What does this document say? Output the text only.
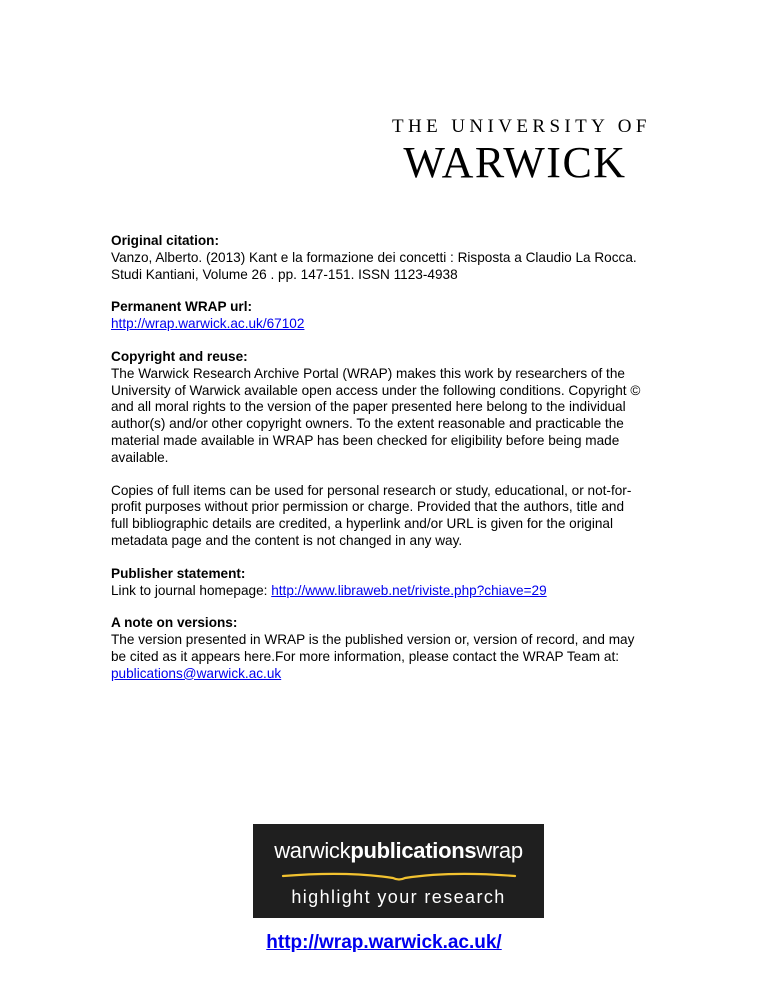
THE UNIVERSITY OF
WARWICK
Original citation:

Vanzo, Alberto. (2013) Kant e la formazione dei concetti : Risposta a Claudio La Rocca.
Studi Kantiani, Volume 26 . pp. 147-151. ISSN 1123-4938

Permanent WRAP url:

http://wrap.warwick.ac.uk/67102

Copyright and reuse:

The Warwick Research Archive Portal (WRAP) makes this work by researchers of the
University of Warwick available open access under the following conditions. Copyright ©
and all moral rights to the version of the paper presented here belong to the individual
author(s) and/or other copyright owners. To the extent reasonable and practicable the
material made available in WRAP has been checked for eligibility before being made
available.

Copies of full items can be used for personal research or study, educational, or not-for-
profit purposes without prior permission or charge. Provided that the authors, title and
full bibliographic details are credited, a hyperlink and/or URL is given for the original
metadata page and the content is not changed in any way.

Publisher statement:

Link to journal homepage: http://www.libraweb.net/riviste.php?chiave=29

A note on versions:

The version presented in WRAP is the published version or, version of record, and may
be cited as it appears here.For more information, please contact the WRAP Team at:
publications@warwick.ac.uk

warwickpublicationswrap
highlight your research
http://wrap.warwick.ac.uk/
